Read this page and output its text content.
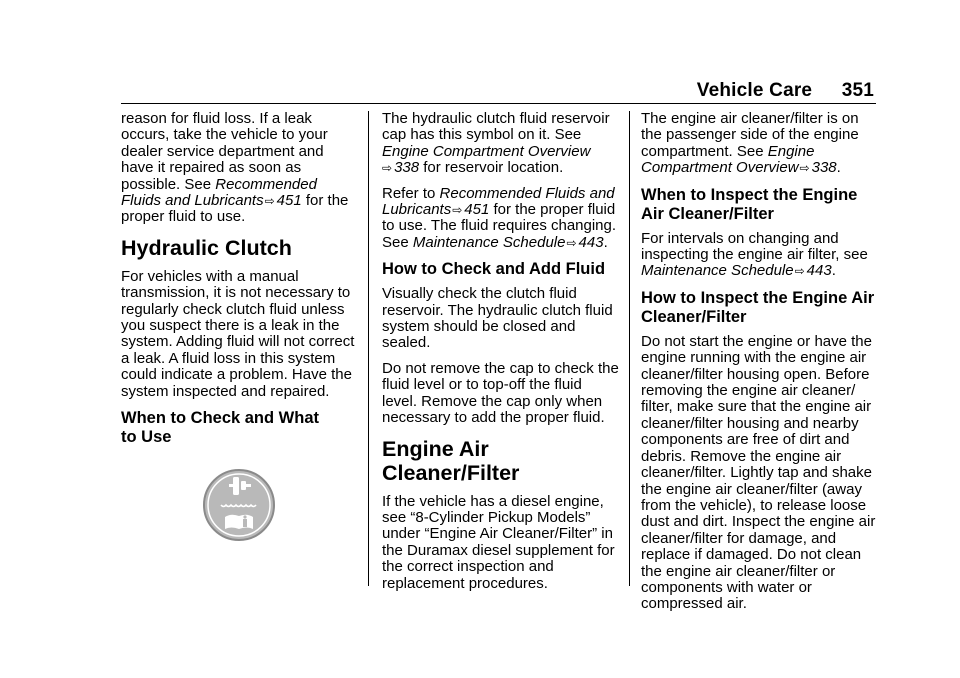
Vehicle Care 351

reason for fluid loss. If a leak occurs, take the vehicle to your dealer service department and have it repaired as soon as possible. See Recommended Fluids and Lubricants⇨ 451 for the proper fluid to use.

Hydraulic Clutch

For vehicles with a manual transmission, it is not necessary to regularly check clutch fluid unless you suspect there is a leak in the system. Adding fluid will not correct a leak. A fluid loss in this system could indicate a problem. Have the system inspected and repaired.

When to Check and What
to Use

The hydraulic clutch fluid reservoir cap has this symbol on it. See Engine Compartment Overview
⇨ 338 for reservoir location.

Refer to Recommended Fluids and Lubricants⇨ 451 for the proper fluid to use. The fluid requires changing. See Maintenance Schedule⇨ 443.

How to Check and Add Fluid

Visually check the clutch fluid reservoir. The hydraulic clutch fluid system should be closed and sealed.

Do not remove the cap to check the fluid level or to top-off the fluid level. Remove the cap only when necessary to add the proper fluid.

Engine Air Cleaner/Filter

If the vehicle has a diesel engine, see “8-Cylinder Pickup Models” under “Engine Air Cleaner/Filter” in the Duramax diesel supplement for the correct inspection and replacement procedures.

The engine air cleaner/filter is on the passenger side of the engine compartment. See Engine Compartment Overview⇨ 338.

When to Inspect the Engine Air Cleaner/Filter

For intervals on changing and inspecting the engine air filter, see Maintenance Schedule⇨ 443.

How to Inspect the Engine Air Cleaner/Filter

Do not start the engine or have the engine running with the engine air cleaner/filter housing open. Before removing the engine air cleaner/ filter, make sure that the engine air cleaner/filter housing and nearby components are free of dirt and debris. Remove the engine air cleaner/filter. Lightly tap and shake the engine air cleaner/filter (away from the vehicle), to release loose dust and dirt. Inspect the engine air cleaner/filter for damage, and replace if damaged. Do not clean the engine air cleaner/filter or components with water or compressed air.
